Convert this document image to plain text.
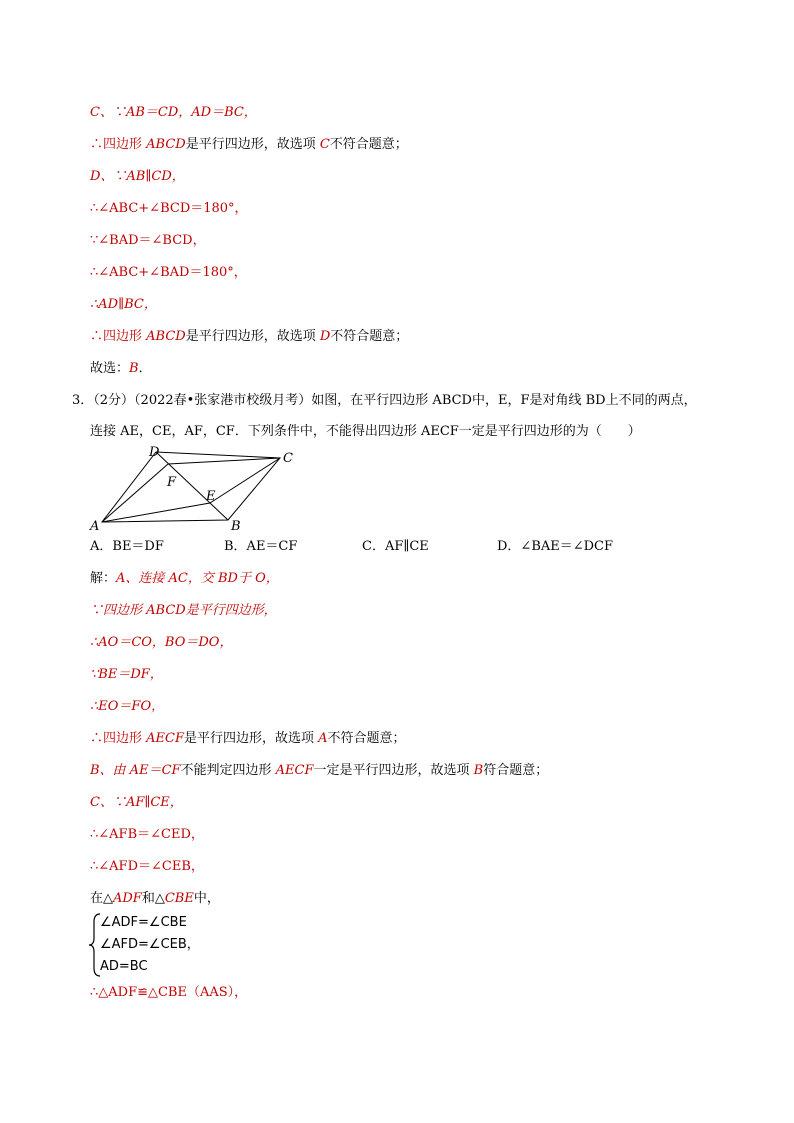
C、∵AB＝CD，AD＝BC，
∴四边形 ABCD是平行四边形，故选项 C不符合题意；
D、∵AB∥CD，
∴∠ABC+∠BCD＝180°，
∵∠BAD＝∠BCD，
∴∠ABC+∠BAD＝180°，
∴AD∥BC，
∴四边形 ABCD是平行四边形，故选项 D不符合题意；
故选：B．
3．（2分）（2022春•张家港市校级月考）如图，在平行四边形 ABCD中，E，F是对角线 BD上不同的两点，
连接 AE，CE，AF，CF．下列条件中，不能得出四边形 AECF一定是平行四边形的为（　　）
A	B
C
D
E
F
A．BE＝DF	B．AE＝CF	C．AF∥CE	D．∠BAE＝∠DCF
解：A、连接 AC，交 BD于 O，
∵四边形 ABCD是平行四边形，
∴AO＝CO，BO＝DO，
∵BE＝DF，
∴EO＝FO，
∴四边形 AECF是平行四边形，故选项 A不符合题意；
B、由 AE＝CF不能判定四边形 AECF一定是平行四边形，故选项 B符合题意；
C、∵AF∥CE，
∴∠AFB＝∠CED，
∴∠AFD＝∠CEB，
在△ADF和△CBE中，
∠ADF=∠CBE
∠AFD=∠CEB，
AD=BC
∴△ADF≌△CBE（AAS），
